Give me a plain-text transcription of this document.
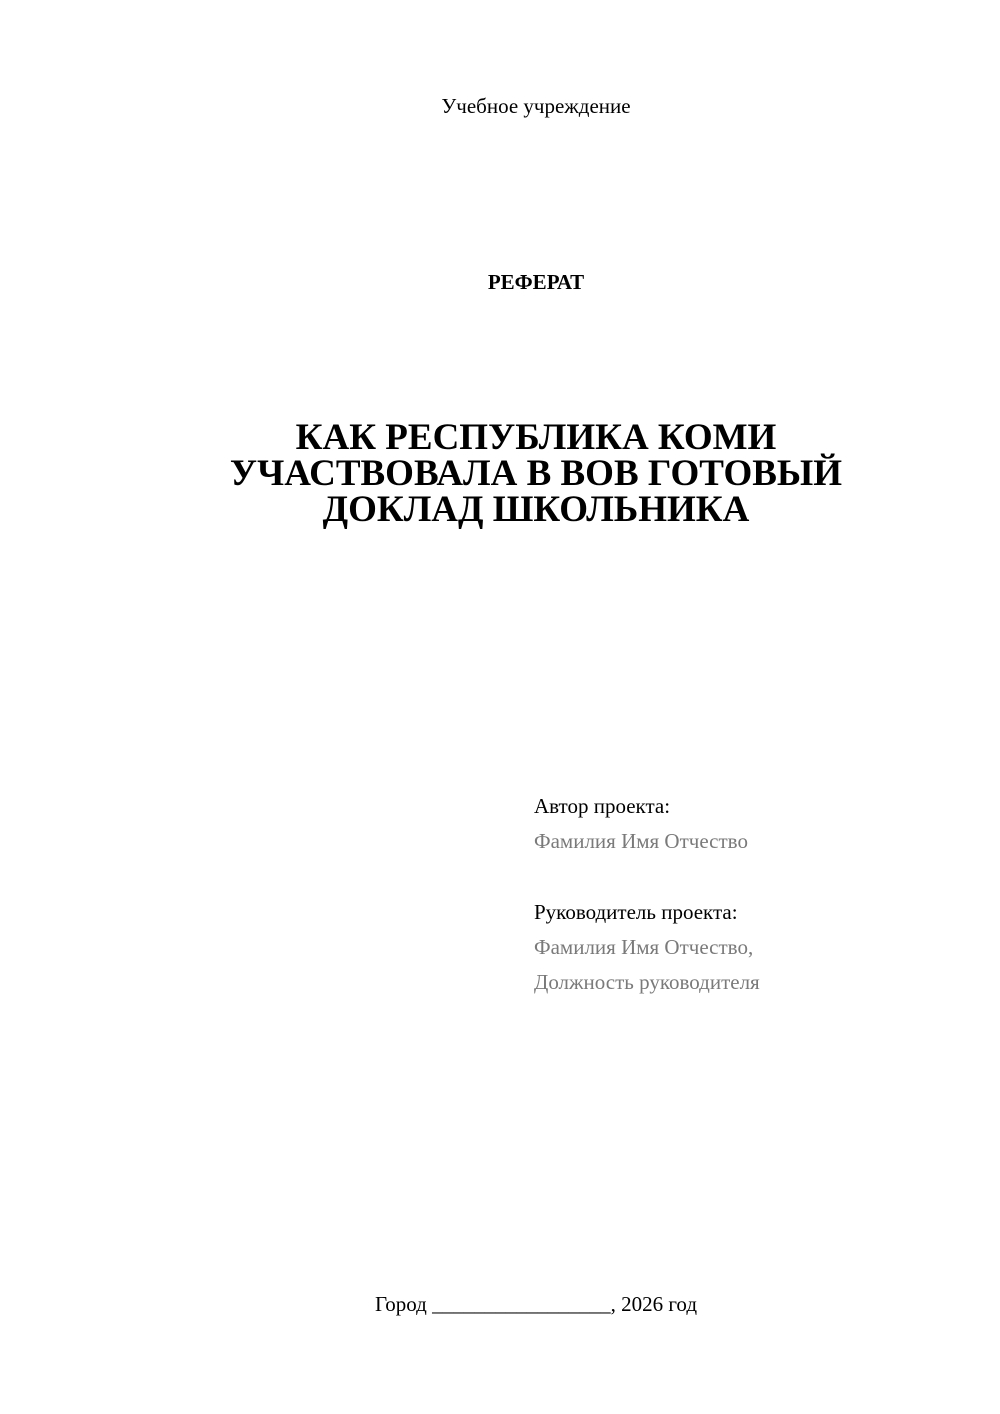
Учебное учреждение
РЕФЕРАТ
КАК РЕСПУБЛИКА КОМИ
УЧАСТВОВАЛА В ВОВ ГОТОВЫЙ
ДОКЛАД ШКОЛЬНИКА
Автор проекта:
Фамилия Имя Отчество
Руководитель проекта:
Фамилия Имя Отчество,
Должность руководителя
Город _________________, 2026 год
